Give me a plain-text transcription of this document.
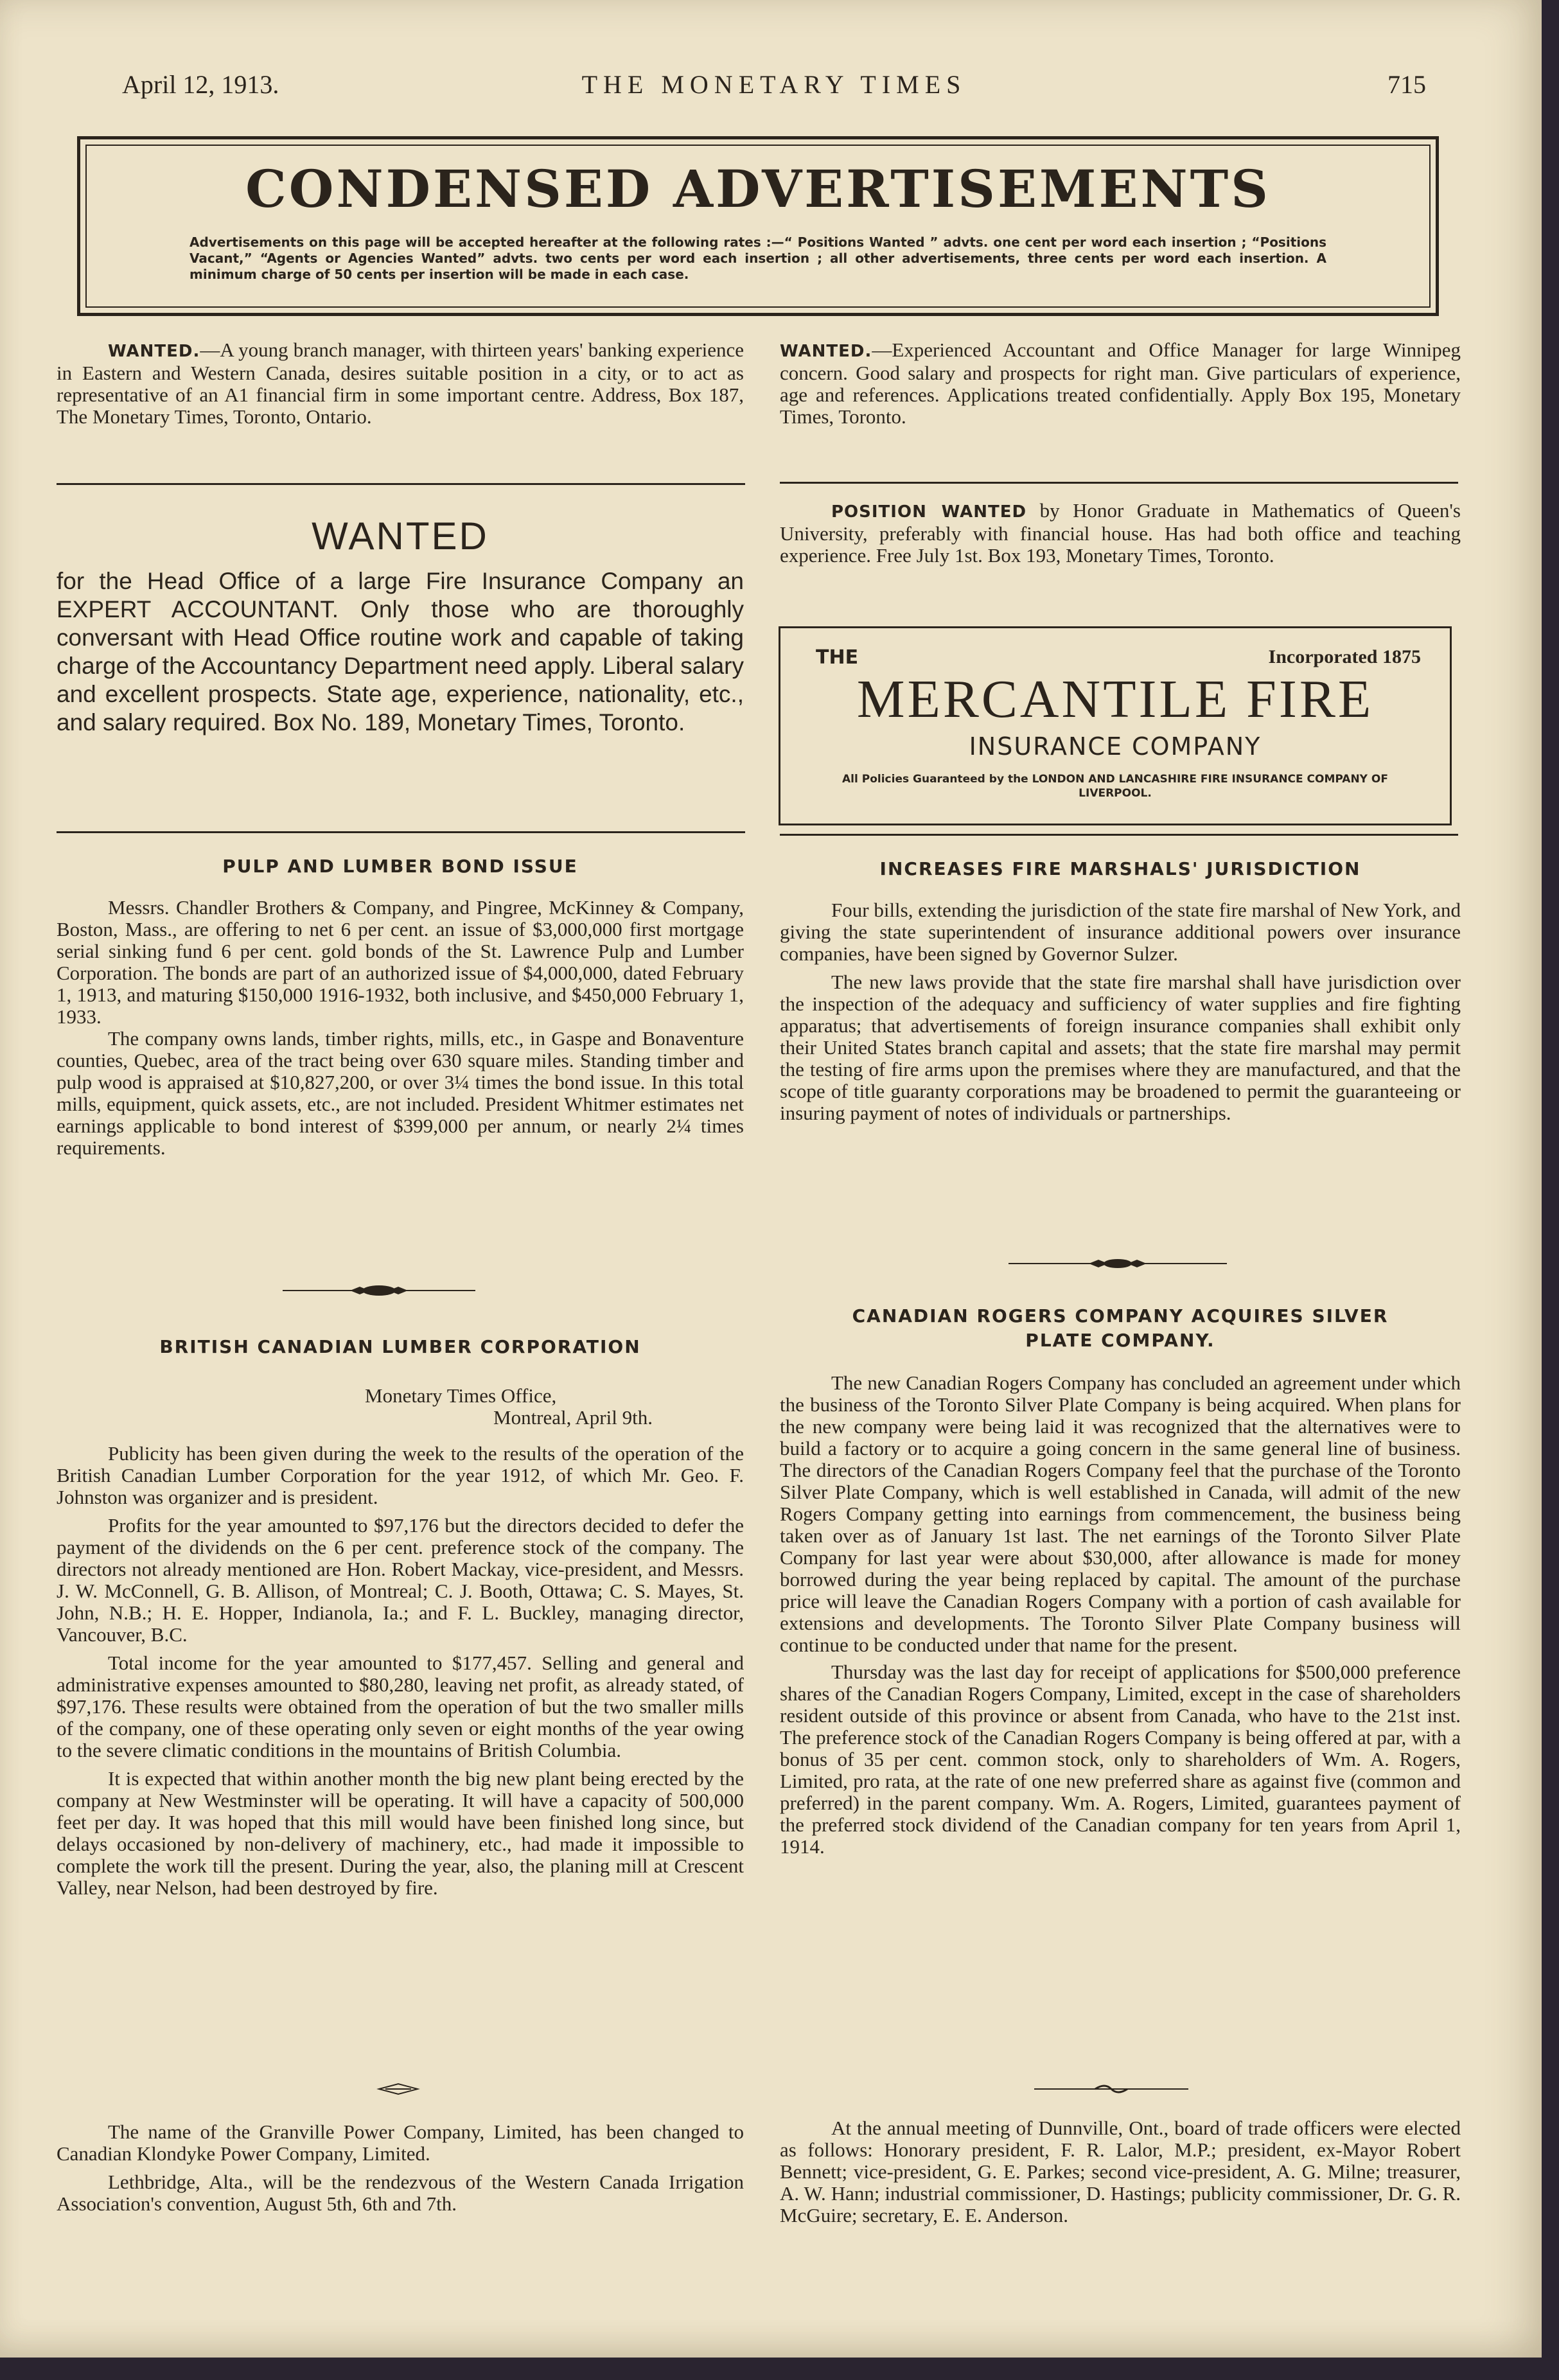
April 12, 1913.	THE MONETARY TIMES	715
CONDENSED ADVERTISEMENTS
Advertisements on this page will be accepted hereafter at the following rates :—“ Positions Wanted ” advts. one cent per word each insertion ; “Positions Vacant,” “Agents or Agencies Wanted” advts. two cents per word each insertion ; all other advertisements, three cents per word each insertion. A minimum charge of 50 cents per insertion will be made in each case.

WANTED.—A young branch manager, with thirteen years' banking experience in Eastern and Western Canada, desires suitable position in a city, or to act as representative of an A1 financial firm in some important centre. Address, Box 187, The Monetary Times, Toronto, Ontario.

WANTED

for the Head Office of a large Fire Insurance Company an EXPERT ACCOUNTANT. Only those who are thoroughly conversant with Head Office routine work and capable of taking charge of the Accountancy Department need apply. Liberal salary and excellent prospects. State age, experience, nationality, etc., and salary required. Box No. 189, Monetary Times, Toronto.

PULP AND LUMBER BOND ISSUE

Messrs. Chandler Brothers & Company, and Pingree, McKinney & Company, Boston, Mass., are offering to net 6 per cent. an issue of $3,000,000 first mortgage serial sinking fund 6 per cent. gold bonds of the St. Lawrence Pulp and Lumber Corporation. The bonds are part of an authorized issue of $4,000,000, dated February 1, 1913, and maturing $150,000 1916-1932, both inclusive, and $450,000 February 1, 1933.

The company owns lands, timber rights, mills, etc., in Gaspe and Bonaventure counties, Quebec, area of the tract being over 630 square miles. Standing timber and pulp wood is appraised at $10,827,200, or over 3¼ times the bond issue. In this total mills, equipment, quick assets, etc., are not included. President Whitmer estimates net earnings applicable to bond interest of $399,000 per annum, or nearly 2¼ times requirements.

BRITISH CANADIAN LUMBER CORPORATION
Monetary Times Office,
Montreal, April 9th.

Publicity has been given during the week to the results of the operation of the British Canadian Lumber Corporation for the year 1912, of which Mr. Geo. F. Johnston was organizer and is president.

Profits for the year amounted to $97,176 but the directors decided to defer the payment of the dividends on the 6 per cent. preference stock of the company. The directors not already mentioned are Hon. Robert Mackay, vice-president, and Messrs. J. W. McConnell, G. B. Allison, of Montreal; C. J. Booth, Ottawa; C. S. Mayes, St. John, N.B.; H. E. Hopper, Indianola, Ia.; and F. L. Buckley, managing director, Vancouver, B.C.

Total income for the year amounted to $177,457. Selling and general and administrative expenses amounted to $80,280, leaving net profit, as already stated, of $97,176. These results were obtained from the operation of but the two smaller mills of the company, one of these operating only seven or eight months of the year owing to the severe climatic conditions in the mountains of British Columbia.

It is expected that within another month the big new plant being erected by the company at New Westminster will be operating. It will have a capacity of 500,000 feet per day. It was hoped that this mill would have been finished long since, but delays occasioned by non-delivery of machinery, etc., had made it impossible to complete the work till the present. During the year, also, the planing mill at Crescent Valley, near Nelson, had been destroyed by fire.

The name of the Granville Power Company, Limited, has been changed to Canadian Klondyke Power Company, Limited.

Lethbridge, Alta., will be the rendezvous of the Western Canada Irrigation Association's convention, August 5th, 6th and 7th.

WANTED.—Experienced Accountant and Office Manager for large Winnipeg concern. Good salary and prospects for right man. Give particulars of experience, age and references. Applications treated confidentially. Apply Box 195, Monetary Times, Toronto.

POSITION WANTED by Honor Graduate in Mathematics of Queen's University, preferably with financial house. Has had both office and teaching experience. Free July 1st. Box 193, Monetary Times, Toronto.

THE	Incorporated 1875
MERCANTILE FIRE
INSURANCE COMPANY
All Policies Guaranteed by the LONDON AND LANCASHIRE FIRE INSURANCE COMPANY OF LIVERPOOL.
INCREASES FIRE MARSHALS' JURISDICTION

Four bills, extending the jurisdiction of the state fire marshal of New York, and giving the state superintendent of insurance additional powers over insurance companies, have been signed by Governor Sulzer.

The new laws provide that the state fire marshal shall have jurisdiction over the inspection of the adequacy and sufficiency of water supplies and fire fighting apparatus; that advertisements of foreign insurance companies shall exhibit only their United States branch capital and assets; that the state fire marshal may permit the testing of fire arms upon the premises where they are manufactured, and that the scope of title guaranty corporations may be broadened to permit the guaranteeing or insuring payment of notes of individuals or partnerships.

CANADIAN ROGERS COMPANY ACQUIRES SILVER
PLATE COMPANY.

The new Canadian Rogers Company has concluded an agreement under which the business of the Toronto Silver Plate Company is being acquired. When plans for the new company were being laid it was recognized that the alternatives were to build a factory or to acquire a going concern in the same general line of business. The directors of the Canadian Rogers Company feel that the purchase of the Toronto Silver Plate Company, which is well established in Canada, will admit of the new Rogers Company getting into earnings from commencement, the business being taken over as of January 1st last. The net earnings of the Toronto Silver Plate Company for last year were about $30,000, after allowance is made for money borrowed during the year being replaced by capital. The amount of the purchase price will leave the Canadian Rogers Company with a portion of cash available for extensions and developments. The Toronto Silver Plate Company business will continue to be conducted under that name for the present.

Thursday was the last day for receipt of applications for $500,000 preference shares of the Canadian Rogers Company, Limited, except in the case of shareholders resident outside of this province or absent from Canada, who have to the 21st inst. The preference stock of the Canadian Rogers Company is being offered at par, with a bonus of 35 per cent. common stock, only to shareholders of Wm. A. Rogers, Limited, pro rata, at the rate of one new preferred share as against five (common and preferred) in the parent company. Wm. A. Rogers, Limited, guarantees payment of the preferred stock dividend of the Canadian company for ten years from April 1, 1914.

At the annual meeting of Dunnville, Ont., board of trade officers were elected as follows: Honorary president, F. R. Lalor, M.P.; president, ex-Mayor Robert Bennett; vice-president, G. E. Parkes; second vice-president, A. G. Milne; treasurer, A. W. Hann; industrial commissioner, D. Hastings; publicity commissioner, Dr. G. R. McGuire; secretary, E. E. Anderson.
